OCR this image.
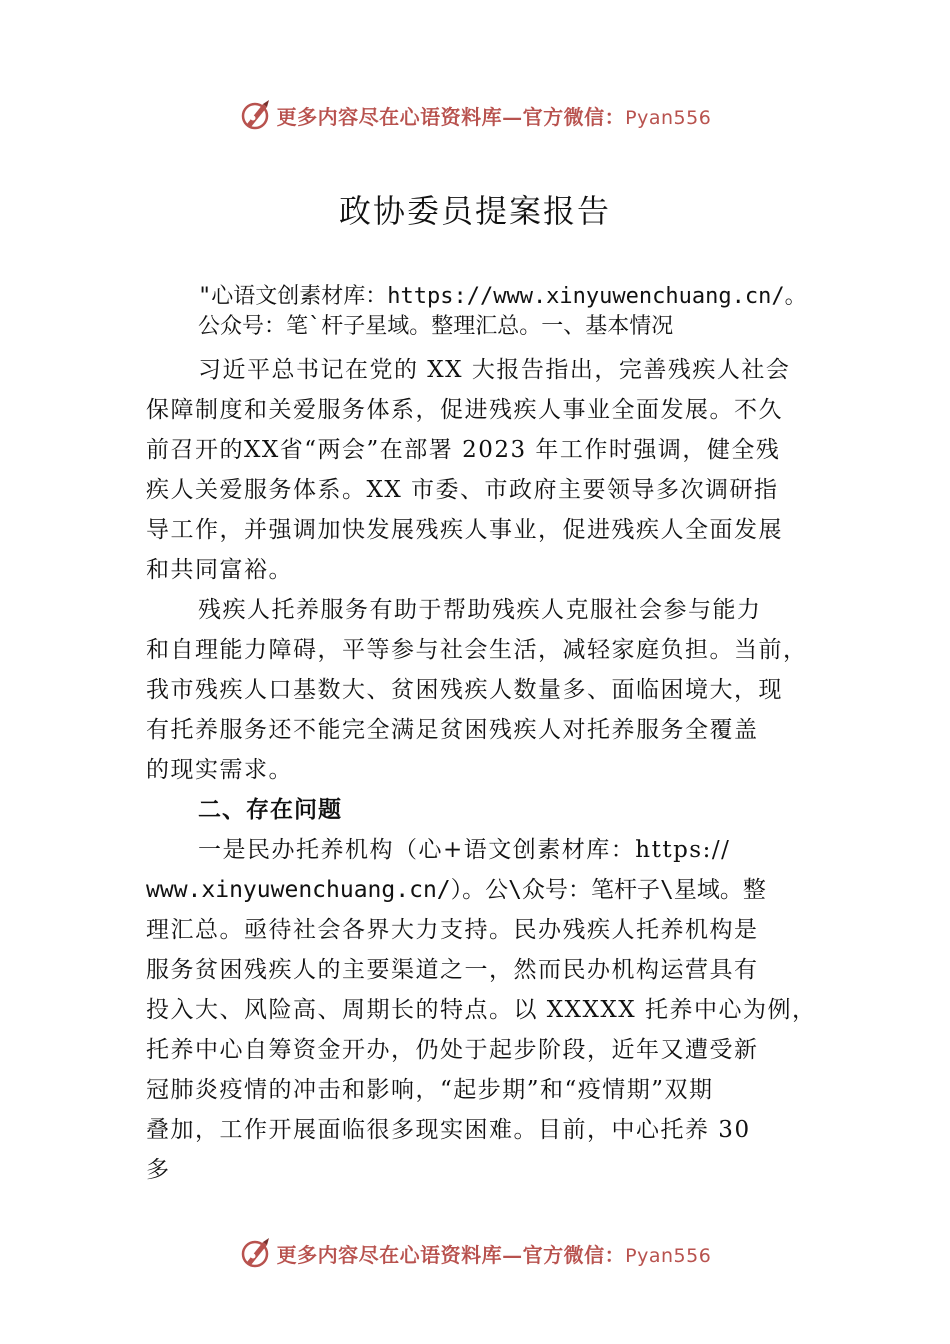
更多内容尽在心语资料库—官方微信：Pyan556
政协委员提案报告
"心语文创素材库：https://www.xinyuwenchuang.cn/。
公众号：笔`杆子星域。整理汇总。一、基本情况
习近平总书记在党的 XX 大报告指出，完善残疾人社会
保障制度和关爱服务体系，促进残疾人事业全面发展。不久
前召开的XX省“两会”在部署 2023 年工作时强调，健全残
疾人关爱服务体系。XX 市委、市政府主要领导多次调研指
导工作，并强调加快发展残疾人事业，促进残疾人全面发展
和共同富裕。
残疾人托养服务有助于帮助残疾人克服社会参与能力
和自理能力障碍，平等参与社会生活，减轻家庭负担。当前，
我市残疾人口基数大、贫困残疾人数量多、面临困境大，现
有托养服务还不能完全满足贫困残疾人对托养服务全覆盖
的现实需求。
二、存在问题
一是民办托养机构（心+语文创素材库：https://
www.xinyuwenchuang.cn/）。公\众号：笔杆子\星域。整
理汇总。亟待社会各界大力支持。民办残疾人托养机构是
服务贫困残疾人的主要渠道之一，然而民办机构运营具有
投入大、风险高、周期长的特点。以 XXXXX 托养中心为例，
托养中心自筹资金开办，仍处于起步阶段，近年又遭受新
冠肺炎疫情的冲击和影响，“起步期”和“疫情期”双期
叠加，工作开展面临很多现实困难。目前，中心托养 30
多
更多内容尽在心语资料库—官方微信：Pyan556
